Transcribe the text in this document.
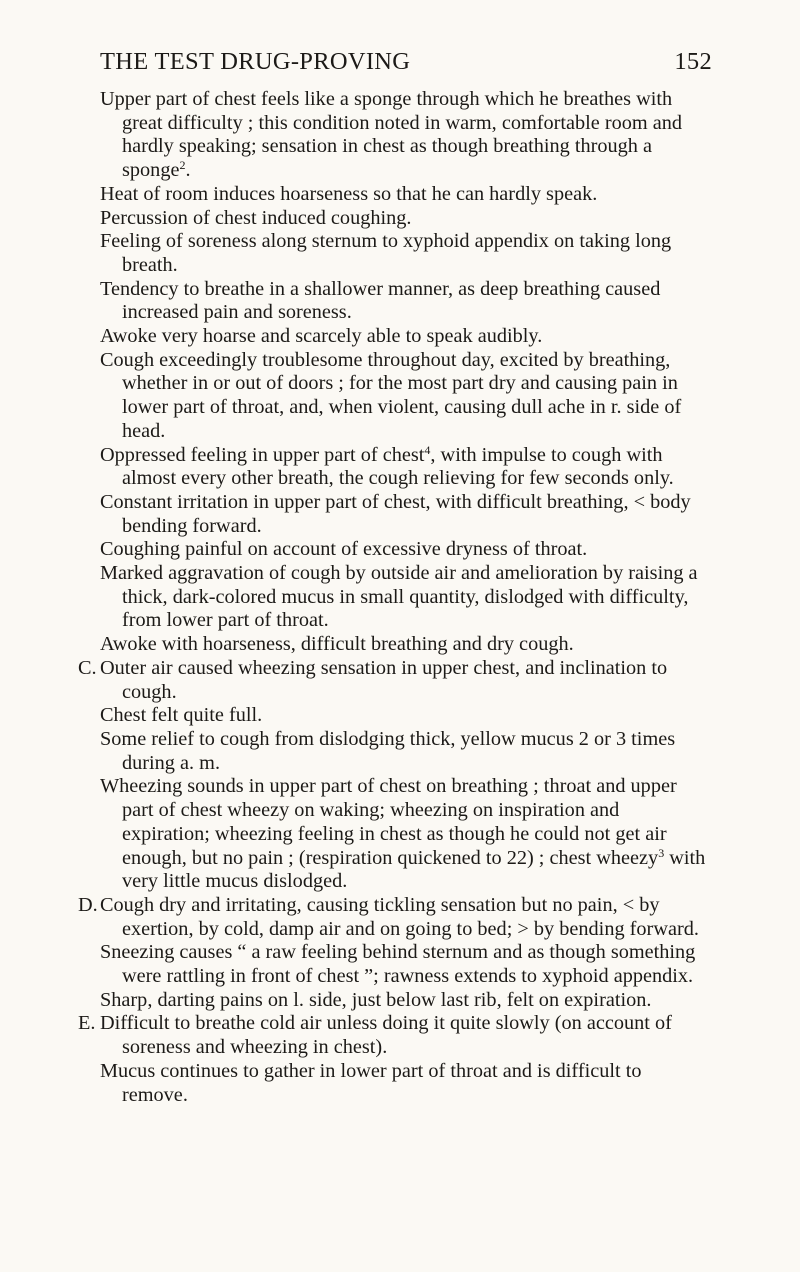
THE TEST DRUG-PROVING	152

Upper part of chest feels like a sponge through which he breathes with great difficulty ; this condition noted in warm, comfortable room and hardly speaking; sensation in chest as though breathing through a sponge$^2$.

Heat of room induces hoarseness so that he can hardly speak.

Percussion of chest induced coughing.

Feeling of soreness along sternum to xyphoid appendix on taking long breath.

Tendency to breathe in a shallower manner, as deep breathing caused increased pain and soreness.

Awoke very hoarse and scarcely able to speak audibly.

Cough exceedingly troublesome throughout day, excited by breathing, whether in or out of doors ; for the most part dry and causing pain in lower part of throat, and, when violent, causing dull ache in r. side of head.

Oppressed feeling in upper part of chest$^4$, with impulse to cough with almost every other breath, the cough relieving for few seconds only.

Constant irritation in upper part of chest, with difficult breathing, < body bending forward.

Coughing painful on account of excessive dryness of throat.

Marked aggravation of cough by outside air and amelioration by raising a thick, dark-colored mucus in small quantity, dislodged with difficulty, from lower part of throat.

Awoke with hoarseness, difficult breathing and dry cough.

C. Outer air caused wheezing sensation in upper chest, and inclination to cough.

Chest felt quite full.

Some relief to cough from dislodging thick, yellow mucus 2 or 3 times during a. m.

Wheezing sounds in upper part of chest on breathing ; throat and upper part of chest wheezy on waking; wheezing on inspiration and expiration; wheezing feeling in chest as though he could not get air enough, but no pain ; (respiration quickened to 22) ; chest wheezy$^3$ with very little mucus dislodged.

D. Cough dry and irritating, causing tickling sensation but no pain, < by exertion, by cold, damp air and on going to bed; > by bending forward.

Sneezing causes “ a raw feeling behind sternum and as though something were rattling in front of chest ”; rawness extends to xyphoid appendix.

Sharp, darting pains on l. side, just below last rib, felt on expiration.

E. Difficult to breathe cold air unless doing it quite slowly (on account of soreness and wheezing in chest).

Mucus continues to gather in lower part of throat and is difficult to remove.
